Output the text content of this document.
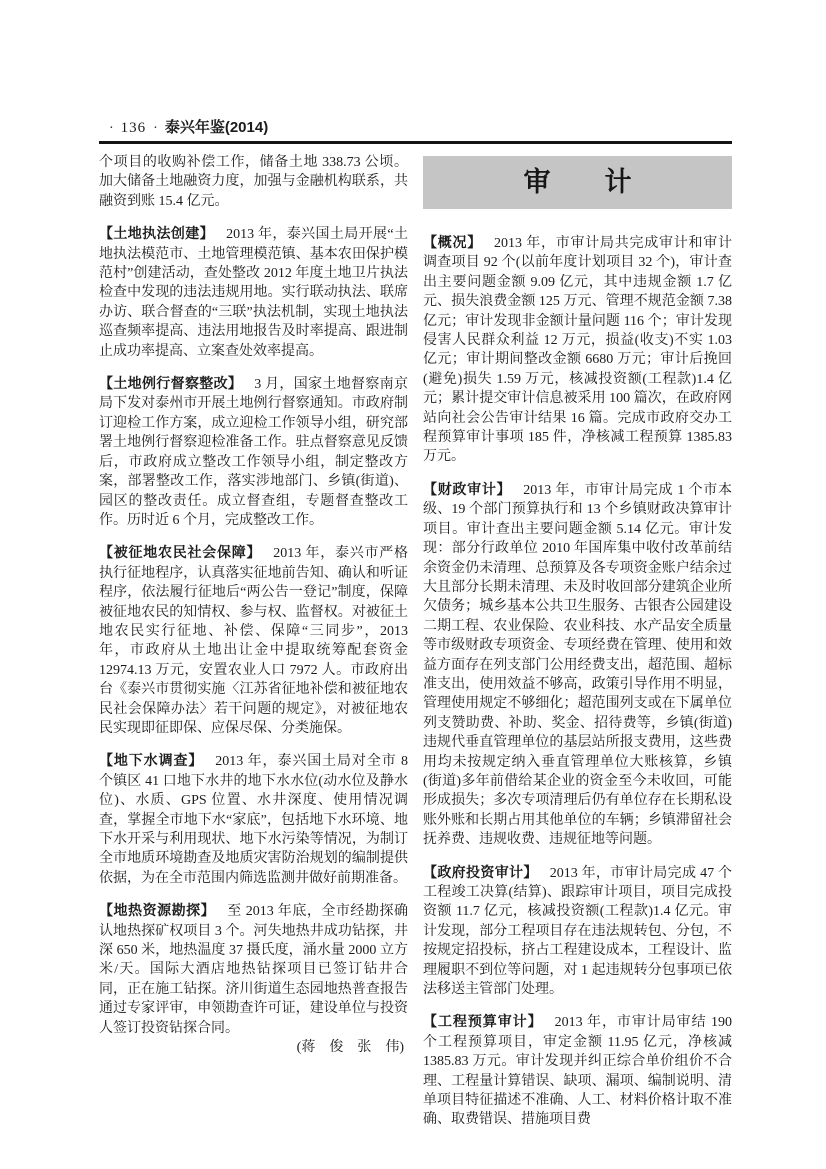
· 136 · 泰兴年鉴(2014)

个项目的收购补偿工作，储备土地 338.73 公顷。加大储备土地融资力度，加强与金融机构联系，共融资到账 15.4 亿元。

【土地执法创建】 2013 年，泰兴国土局开展“土地执法模范市、土地管理模范镇、基本农田保护模范村”创建活动，查处整改 2012 年度土地卫片执法检查中发现的违法违规用地。实行联动执法、联席办访、联合督查的“三联”执法机制，实现土地执法巡查频率提高、违法用地报告及时率提高、跟进制止成功率提高、立案查处效率提高。

【土地例行督察整改】 3 月，国家土地督察南京局下发对泰州市开展土地例行督察通知。市政府制订迎检工作方案，成立迎检工作领导小组，研究部署土地例行督察迎检准备工作。驻点督察意见反馈后，市政府成立整改工作领导小组，制定整改方案，部署整改工作，落实涉地部门、乡镇(街道)、园区的整改责任。成立督查组，专题督查整改工作。历时近 6 个月，完成整改工作。

【被征地农民社会保障】 2013 年，泰兴市严格执行征地程序，认真落实征地前告知、确认和听证程序，依法履行征地后“两公告一登记”制度，保障被征地农民的知情权、参与权、监督权。对被征土地农民实行征地、补偿、保障“三同步”，2013 年，市政府从土地出让金中提取统筹配套资金 12974.13 万元，安置农业人口 7972 人。市政府出台《泰兴市贯彻实施〈江苏省征地补偿和被征地农民社会保障办法〉若干问题的规定》，对被征地农民实现即征即保、应保尽保、分类施保。

【地下水调查】 2013 年，泰兴国土局对全市 8 个镇区 41 口地下水井的地下水水位(动水位及静水位)、水质、GPS 位置、水井深度、使用情况调查，掌握全市地下水“家底”，包括地下水环境、地下水开采与利用现状、地下水污染等情况，为制订全市地质环境勘查及地质灾害防治规划的编制提供依据，为在全市范围内筛选监测井做好前期准备。

【地热资源勘探】 至 2013 年底，全市经勘探确认地热探矿权项目 3 个。河失地热井成功钻探，井深 650 米，地热温度 37 摄氏度，涌水量 2000 立方米/天。国际大酒店地热钻探项目已签订钻井合同，正在施工钻探。济川街道生态园地热普查报告通过专家评审，申领勘查许可证，建设单位与投资人签订投资钻探合同。

(蒋　俊　张　伟)

审　　计

【概况】 2013 年，市审计局共完成审计和审计调查项目 92 个(以前年度计划项目 32 个)，审计查出主要问题金额 9.09 亿元，其中违规金额 1.7 亿元、损失浪费金额 125 万元、管理不规范金额 7.38 亿元；审计发现非金额计量问题 116 个；审计发现侵害人民群众利益 12 万元，损益(收支)不实 1.03 亿元；审计期间整改金额 6680 万元；审计后挽回(避免)损失 1.59 万元，核减投资额(工程款)1.4 亿元；累计提交审计信息被采用 100 篇次，在政府网站向社会公告审计结果 16 篇。完成市政府交办工程预算审计事项 185 件，净核减工程预算 1385.83 万元。

【财政审计】 2013 年，市审计局完成 1 个市本级、19 个部门预算执行和 13 个乡镇财政决算审计项目。审计查出主要问题金额 5.14 亿元。审计发现：部分行政单位 2010 年国库集中收付改革前结余资金仍未清理、总预算及各专项资金账户结余过大且部分长期未清理、未及时收回部分建筑企业所欠债务；城乡基本公共卫生服务、古银杏公园建设二期工程、农业保险、农业科技、水产品安全质量等市级财政专项资金、专项经费在管理、使用和效益方面存在列支部门公用经费支出，超范围、超标准支出，使用效益不够高，政策引导作用不明显，管理使用规定不够细化；超范围列支或在下属单位列支赞助费、补助、奖金、招待费等，乡镇(街道)违规代垂直管理单位的基层站所报支费用，这些费用均未按规定纳入垂直管理单位大账核算，乡镇(街道)多年前借给某企业的资金至今未收回，可能形成损失；多次专项清理后仍有单位存在长期私设账外账和长期占用其他单位的车辆；乡镇滞留社会抚养费、违规收费、违规征地等问题。

【政府投资审计】 2013 年，市审计局完成 47 个工程竣工决算(结算)、跟踪审计项目，项目完成投资额 11.7 亿元，核减投资额(工程款)1.4 亿元。审计发现，部分工程项目存在违法规转包、分包，不按规定招投标，挤占工程建设成本，工程设计、监理履职不到位等问题，对 1 起违规转分包事项已依法移送主管部门处理。

【工程预算审计】 2013 年，市审计局审结 190 个工程预算项目，审定金额 11.95 亿元，净核减 1385.83 万元。审计发现并纠正综合单价组价不合理、工程量计算错误、缺项、漏项、编制说明、清单项目特征描述不准确、人工、材料价格计取不准确、取费错误、措施项目费
